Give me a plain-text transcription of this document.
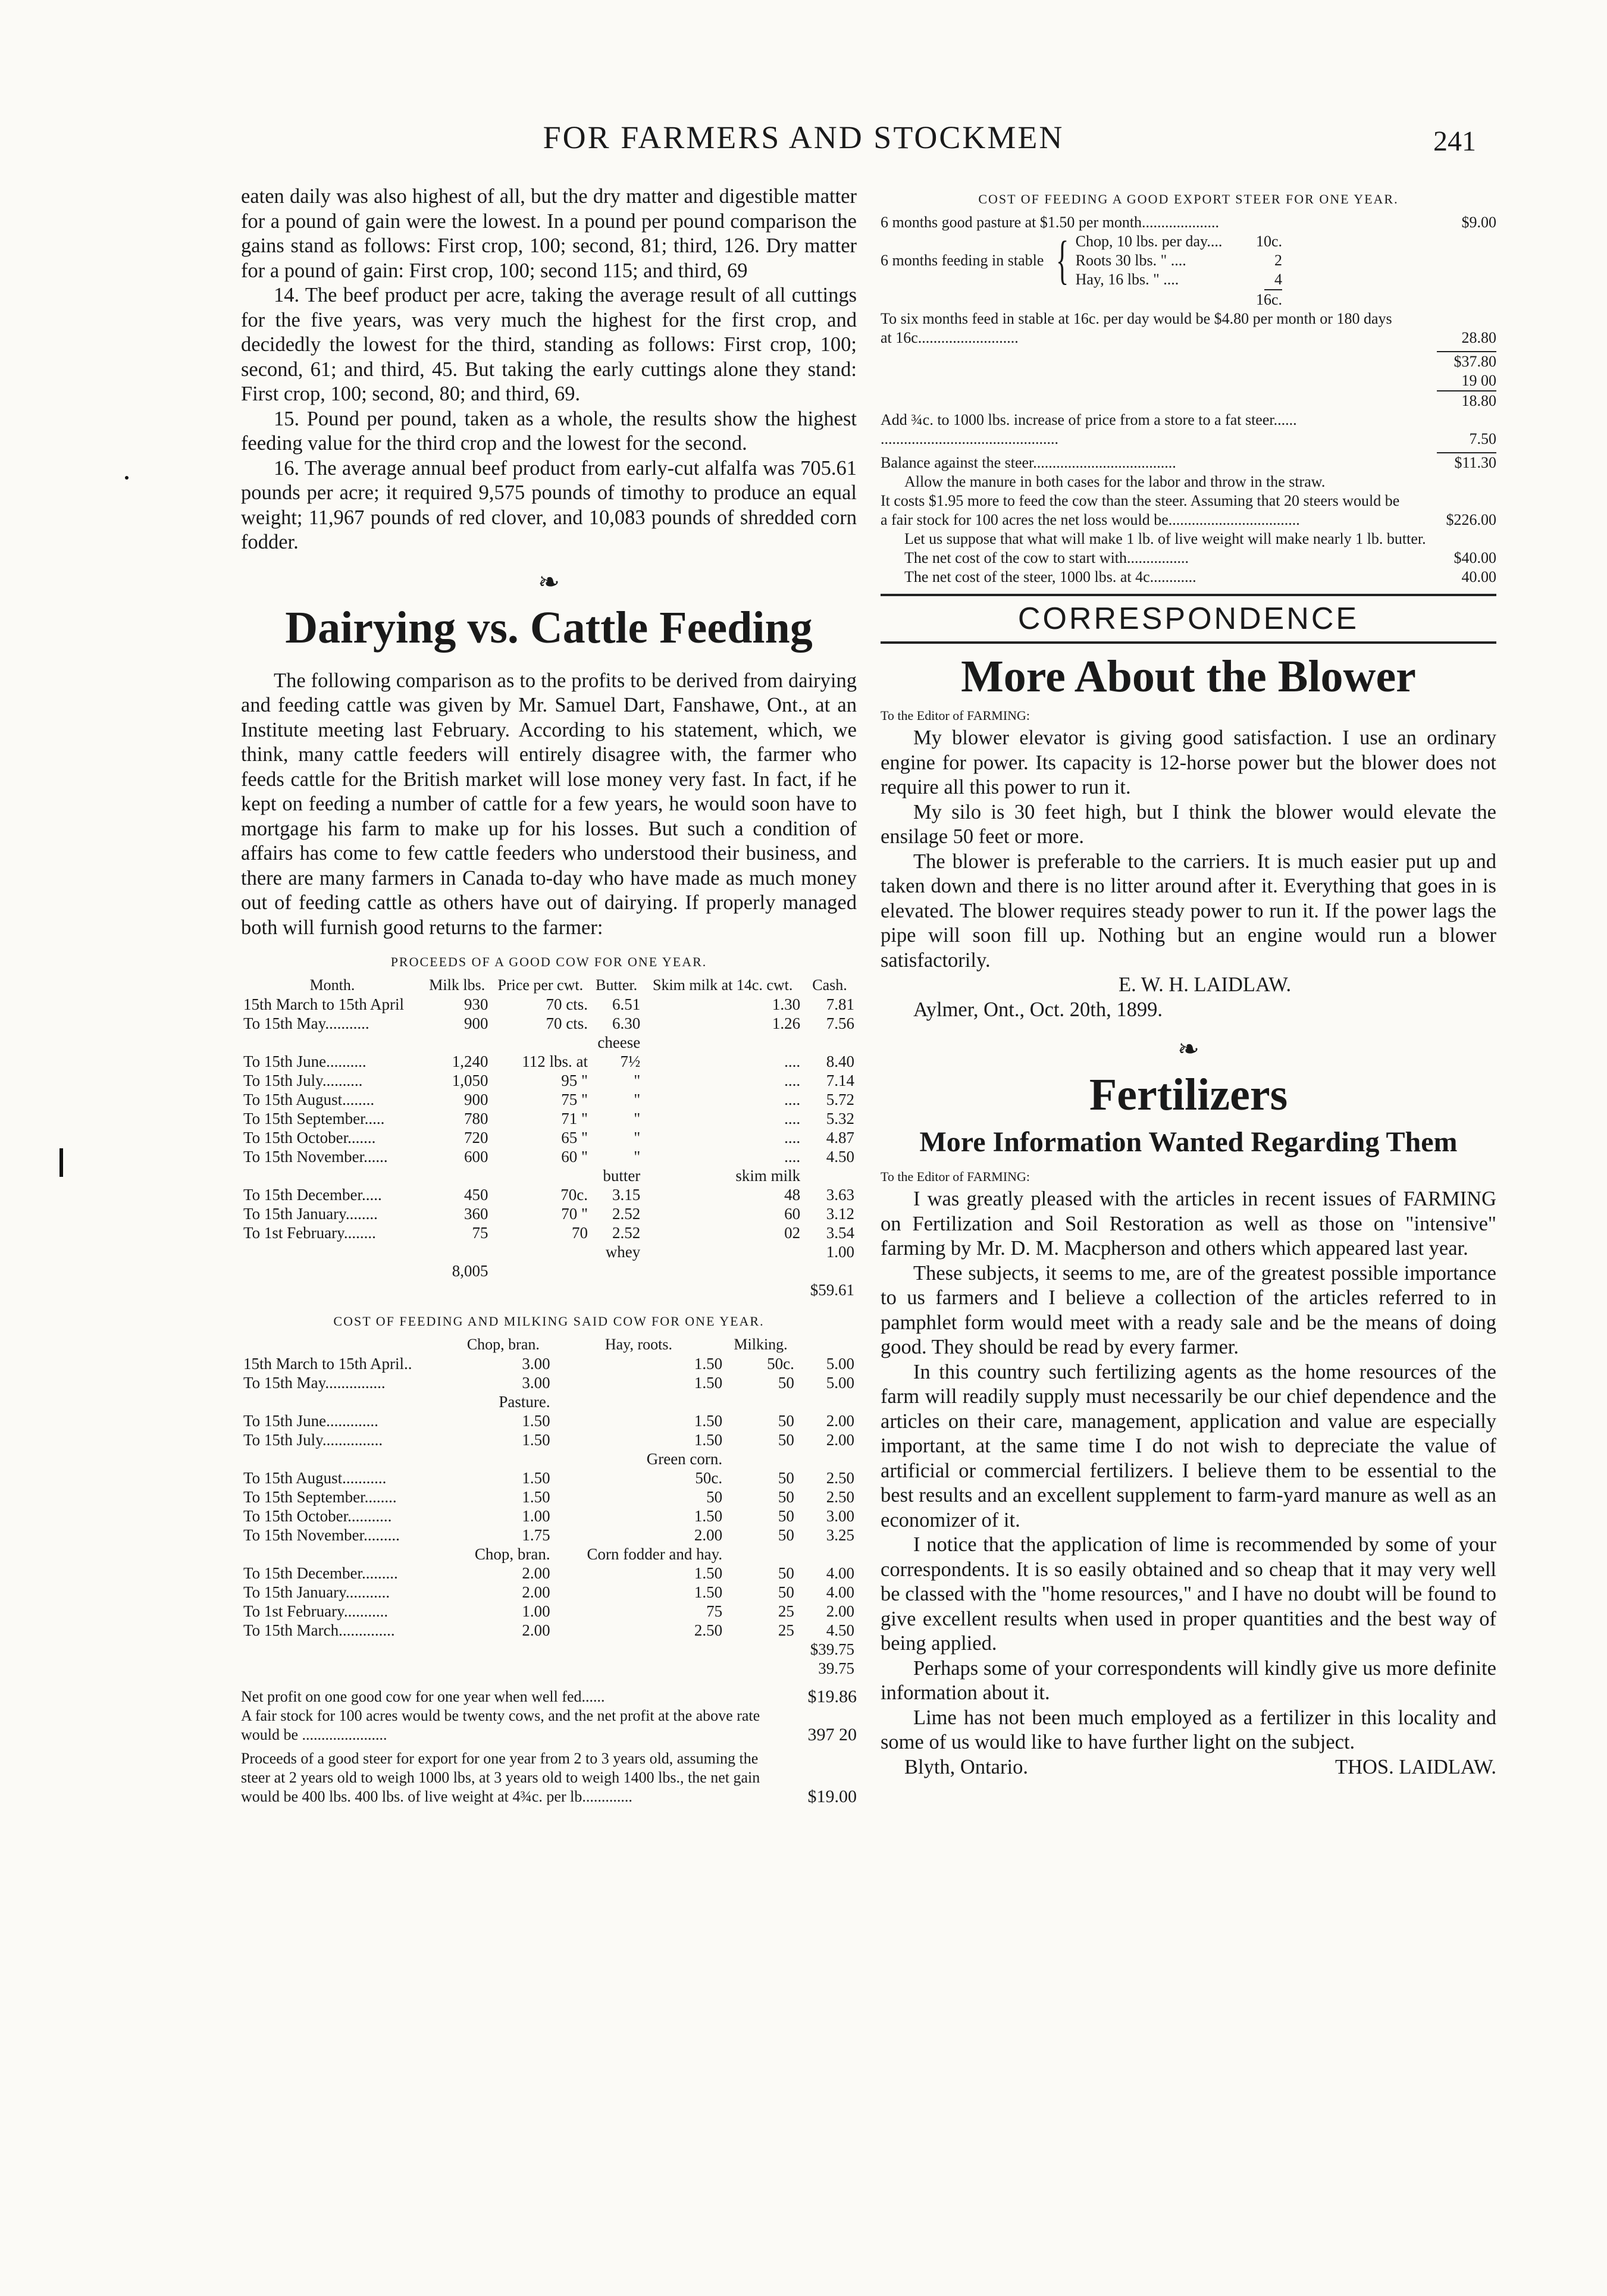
FOR FARMERS AND STOCKMEN	241

eaten daily was also highest of all, but the dry matter and digestible matter for a pound of gain were the lowest. In a pound per pound comparison the gains stand as follows: First crop, 100; second, 81; third, 126. Dry matter for a pound of gain: First crop, 100; second 115; and third, 69

14. The beef product per acre, taking the average result of all cuttings for the five years, was very much the highest for the first crop, and decidedly the lowest for the third, standing as follows: First crop, 100; second, 61; and third, 45. But taking the early cuttings alone they stand: First crop, 100; second, 80; and third, 69.

15. Pound per pound, taken as a whole, the results show the highest feeding value for the third crop and the lowest for the second.

16. The average annual beef product from early-cut alfalfa was 705.61 pounds per acre; it required 9,575 pounds of timothy to produce an equal weight; 11,967 pounds of red clover, and 10,083 pounds of shredded corn fodder.

❧
Dairying vs. Cattle Feeding

The following comparison as to the profits to be derived from dairying and feeding cattle was given by Mr. Samuel Dart, Fanshawe, Ont., at an Institute meeting last February. According to his statement, which, we think, many cattle feeders will entirely disagree with, the farmer who feeds cattle for the British market will lose money very fast. In fact, if he kept on feeding a number of cattle for a few years, he would soon have to mortgage his farm to make up for his losses. But such a condition of affairs has come to few cattle feeders who understood their business, and there are many farmers in Canada to-day who have made as much money out of feeding cattle as others have out of dairying. If properly managed both will furnish good returns to the farmer:

PROCEEDS OF A GOOD COW FOR ONE YEAR.
Month.	Milk lbs.	Price per cwt.	Butter.	Skim milk at 14c. cwt.	Cash.
15th March to 15th April	930	70 cts.	6.51	1.30	7.81
To 15th May...........	900	70 cts.	6.30	1.26	7.56
			cheese		
To 15th June..........	1,240	112 lbs. at	7½	....	8.40
To 15th July..........	1,050	95 "	"	....	7.14
To 15th August........	900	75 "	"	....	5.72
To 15th September.....	780	71 "	"	....	5.32
To 15th October.......	720	65 "	"	....	4.87
To 15th November......	600	60 "	"	....	4.50
			butter	skim milk	
To 15th December.....	450	70c.	3.15	48	3.63
To 15th January........	360	70 "	2.52	60	3.12
To 1st February........	75	70	2.52	02	3.54
			whey		1.00
	8,005				
					$59.61
COST OF FEEDING AND MILKING SAID COW FOR ONE YEAR.
	Chop, bran.	Hay, roots.	Milking.	
15th March to 15th April..	3.00	1.50	50c.	5.00
To 15th May...............	3.00	1.50	50	5.00
	Pasture.			
To 15th June.............	1.50	1.50	50	2.00
To 15th July...............	1.50	1.50	50	2.00
		Green corn.		
To 15th August...........	1.50	50c.	50	2.50
To 15th September........	1.50	50	50	2.50
To 15th October...........	1.00	1.50	50	3.00
To 15th November.........	1.75	2.00	50	3.25
	Chop, bran.	Corn fodder and hay.		
To 15th December.........	2.00	1.50	50	4.00
To 15th January...........	2.00	1.50	50	4.00
To 1st February...........	1.00	75	25	2.00
To 15th March..............	2.00	2.50	25	4.50
				$39.75
				39.75
Net profit on one good cow for one year when well fed......	$19.86
A fair stock for 100 acres would be twenty cows, and the net profit at the above rate would be ......................	397 20
Proceeds of a good steer for export for one year from 2 to 3 years old, assuming the steer at 2 years old to weigh 1000 lbs, at 3 years old to weigh 1400 lbs., the net gain would be 400 lbs. 400 lbs. of live weight at 4¾c. per lb.............	$19.00
COST OF FEEDING A GOOD EXPORT STEER FOR ONE YEAR.
6 months good pasture at $1.50 per month....................	$9.00
6 months feeding in stable { Chop, 10 lbs. per day.... 10c.
Roots 30 lbs. " ....	2
Hay, 16 lbs. " ....	4
16c.
To six months feed in stable at 16c. per day would be $4.80 per month or 180 days at 16c..........................	28.80
$37.80
19 00
18.80
Add ¾c. to 1000 lbs. increase of price from a store to a fat steer...... ..............................................	7.50
Balance against the steer.....................................	$11.30
Allow the manure in both cases for the labor and throw in the straw.
It costs $1.95 more to feed the cow than the steer. Assuming that 20 steers would be a fair stock for 100 acres the net loss would be..................................	$226.00
Let us suppose that what will make 1 lb. of live weight will make nearly 1 lb. butter.
The net cost of the cow to start with................	$40.00
The net cost of the steer, 1000 lbs. at 4c............	40.00
CORRESPONDENCE
More About the Blower
To the Editor of FARMING:

My blower elevator is giving good satisfaction. I use an ordinary engine for power. Its capacity is 12-horse power but the blower does not require all this power to run it.

My silo is 30 feet high, but I think the blower would elevate the ensilage 50 feet or more.

The blower is preferable to the carriers. It is much easier put up and taken down and there is no litter around after it. Everything that goes in is elevated. The blower requires steady power to run it. If the power lags the pipe will soon fill up. Nothing but an engine would run a blower satisfactorily.

E. W. H. LAIDLAW.

Aylmer, Ont., Oct. 20th, 1899.

❧
Fertilizers
More Information Wanted Regarding Them
To the Editor of FARMING:

I was greatly pleased with the articles in recent issues of FARMING on Fertilization and Soil Restoration as well as those on "intensive" farming by Mr. D. M. Macpherson and others which appeared last year.

These subjects, it seems to me, are of the greatest possible importance to us farmers and I believe a collection of the articles referred to in pamphlet form would meet with a ready sale and be the means of doing good. They should be read by every farmer.

In this country such fertilizing agents as the home resources of the farm will readily supply must necessarily be our chief dependence and the articles on their care, management, application and value are especially important, at the same time I do not wish to depreciate the value of artificial or commercial fertilizers. I believe them to be essential to the best results and an excellent supplement to farm-yard manure as well as an economizer of it.

I notice that the application of lime is recommended by some of your correspondents. It is so easily obtained and so cheap that it may very well be classed with the "home resources," and I have no doubt will be found to give excellent results when used in proper quantities and the best way of being applied.

Perhaps some of your correspondents will kindly give us more definite information about it.

Lime has not been much employed as a fertilizer in this locality and some of us would like to have further light on the subject.

Blyth, Ontario.	THOS. LAIDLAW.
